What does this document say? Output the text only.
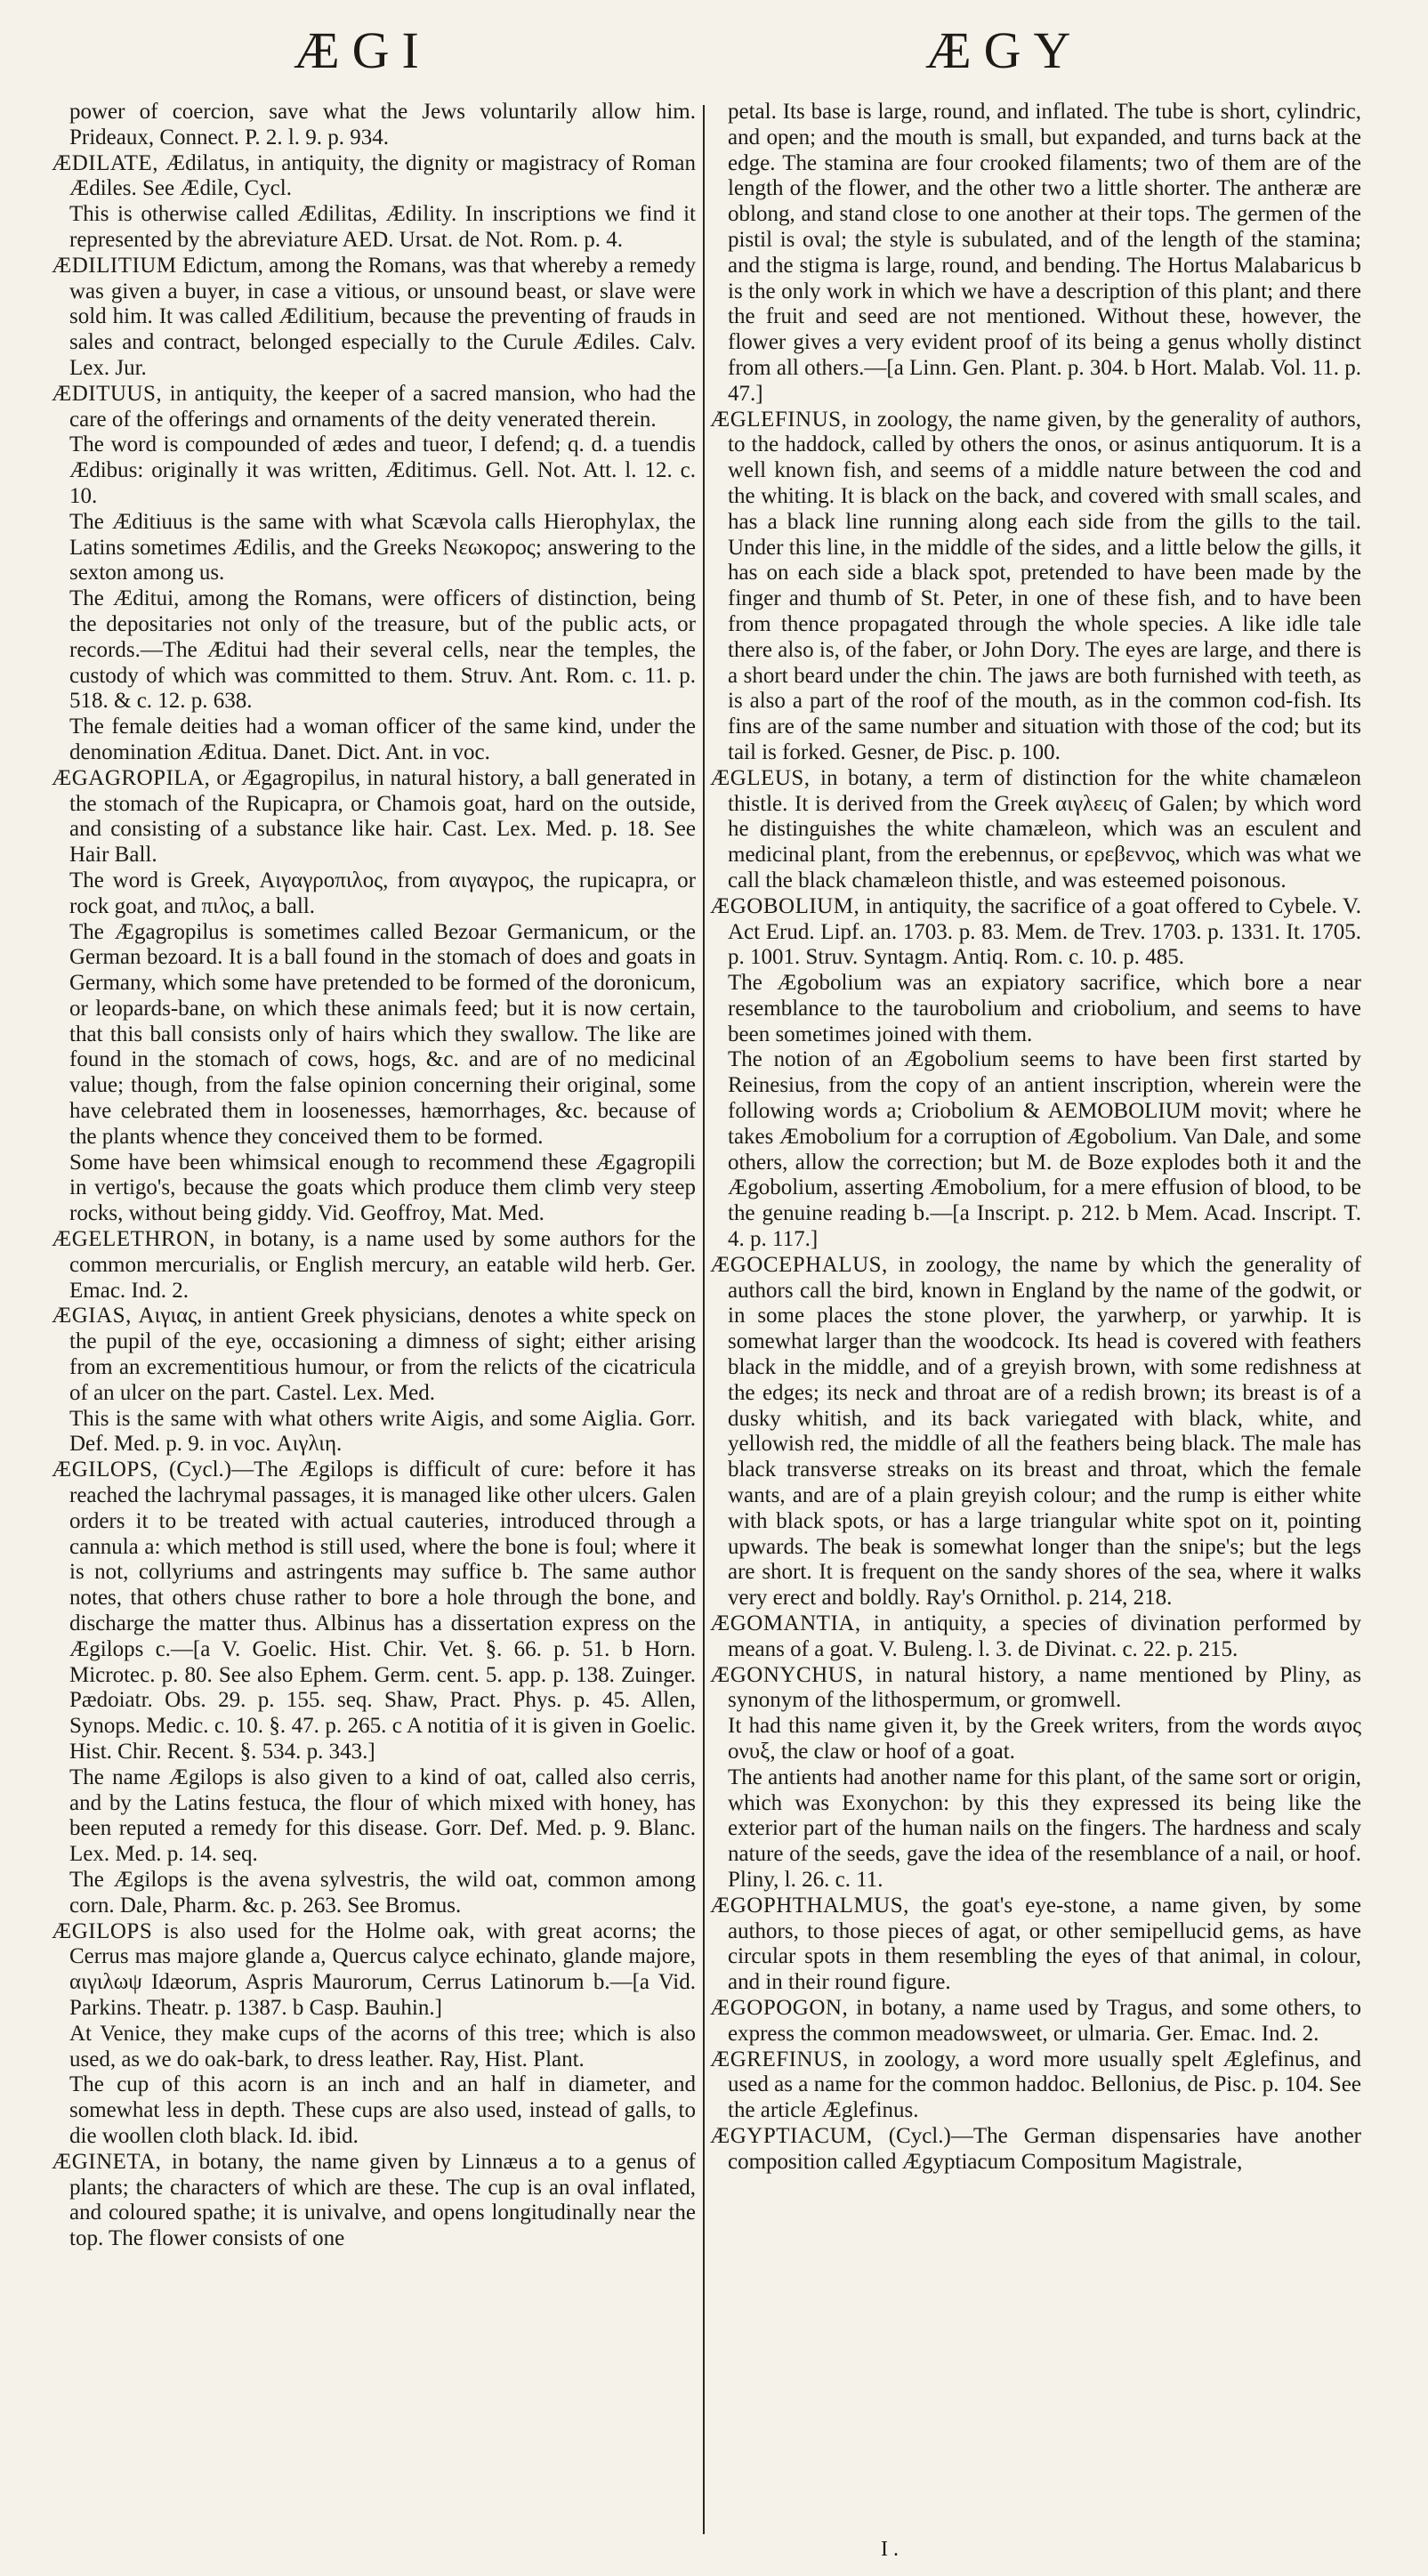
ÆGI	ÆGY

power of coercion, save what the Jews voluntarily allow him. Prideaux, Connect. P. 2. l. 9. p. 934.

ÆDILATE, Ædilatus, in antiquity, the dignity or magistracy of Roman Ædiles. See Ædile, Cycl.

This is otherwise called Ædilitas, Ædility. In inscriptions we find it represented by the abreviature AED. Ursat. de Not. Rom. p. 4.

ÆDILITIUM Edictum, among the Romans, was that whereby a remedy was given a buyer, in case a vitious, or unsound beast, or slave were sold him. It was called Ædilitium, because the preventing of frauds in sales and contract, belonged especially to the Curule Ædiles. Calv. Lex. Jur.

ÆDITUUS, in antiquity, the keeper of a sacred mansion, who had the care of the offerings and ornaments of the deity venerated therein.

The word is compounded of ædes and tueor, I defend; q. d. a tuendis Ædibus: originally it was written, Æditimus. Gell. Not. Att. l. 12. c. 10.

The Æditiuus is the same with what Scævola calls Hierophylax, the Latins sometimes Ædilis, and the Greeks Νεωκορος; answering to the sexton among us.

The Æditui, among the Romans, were officers of distinction, being the depositaries not only of the treasure, but of the public acts, or records.—The Æditui had their several cells, near the temples, the custody of which was committed to them. Struv. Ant. Rom. c. 11. p. 518. & c. 12. p. 638.

The female deities had a woman officer of the same kind, under the denomination Æditua. Danet. Dict. Ant. in voc.

ÆGAGROPILA, or Ægagropilus, in natural history, a ball generated in the stomach of the Rupicapra, or Chamois goat, hard on the outside, and consisting of a substance like hair. Cast. Lex. Med. p. 18. See Hair Ball.

The word is Greek, Αιγαγροπιλος, from αιγαγρος, the rupicapra, or rock goat, and πιλος, a ball.

The Ægagropilus is sometimes called Bezoar Germanicum, or the German bezoard. It is a ball found in the stomach of does and goats in Germany, which some have pretended to be formed of the doronicum, or leopards-bane, on which these animals feed; but it is now certain, that this ball consists only of hairs which they swallow. The like are found in the stomach of cows, hogs, &c. and are of no medicinal value; though, from the false opinion concerning their original, some have celebrated them in loosenesses, hæmorrhages, &c. because of the plants whence they conceived them to be formed.

Some have been whimsical enough to recommend these Ægagropili in vertigo's, because the goats which produce them climb very steep rocks, without being giddy. Vid. Geoffroy, Mat. Med.

ÆGELETHRON, in botany, is a name used by some authors for the common mercurialis, or English mercury, an eatable wild herb. Ger. Emac. Ind. 2.

ÆGIAS, Αιγιας, in antient Greek physicians, denotes a white speck on the pupil of the eye, occasioning a dimness of sight; either arising from an excrementitious humour, or from the relicts of the cicatricula of an ulcer on the part. Castel. Lex. Med.

This is the same with what others write Aigis, and some Aiglia. Gorr. Def. Med. p. 9. in voc. Αιγλιη.

ÆGILOPS, (Cycl.)—The Ægilops is difficult of cure: before it has reached the lachrymal passages, it is managed like other ulcers. Galen orders it to be treated with actual cauteries, introduced through a cannula a: which method is still used, where the bone is foul; where it is not, collyriums and astringents may suffice b. The same author notes, that others chuse rather to bore a hole through the bone, and discharge the matter thus. Albinus has a dissertation express on the Ægilops c.—[a V. Goelic. Hist. Chir. Vet. §. 66. p. 51. b Horn. Microtec. p. 80. See also Ephem. Germ. cent. 5. app. p. 138. Zuinger. Pædoiatr. Obs. 29. p. 155. seq. Shaw, Pract. Phys. p. 45. Allen, Synops. Medic. c. 10. §. 47. p. 265. c A notitia of it is given in Goelic. Hist. Chir. Recent. §. 534. p. 343.]

The name Ægilops is also given to a kind of oat, called also cerris, and by the Latins festuca, the flour of which mixed with honey, has been reputed a remedy for this disease. Gorr. Def. Med. p. 9. Blanc. Lex. Med. p. 14. seq.

The Ægilops is the avena sylvestris, the wild oat, common among corn. Dale, Pharm. &c. p. 263. See Bromus.

ÆGILOPS is also used for the Holme oak, with great acorns; the Cerrus mas majore glande a, Quercus calyce echinato, glande majore, αιγιλωψ Idæorum, Aspris Maurorum, Cerrus Latinorum b.—[a Vid. Parkins. Theatr. p. 1387. b Casp. Bauhin.]

At Venice, they make cups of the acorns of this tree; which is also used, as we do oak-bark, to dress leather. Ray, Hist. Plant.

The cup of this acorn is an inch and an half in diameter, and somewhat less in depth. These cups are also used, instead of galls, to die woollen cloth black. Id. ibid.

ÆGINETA, in botany, the name given by Linnæus a to a genus of plants; the characters of which are these. The cup is an oval inflated, and coloured spathe; it is univalve, and opens longitudinally near the top. The flower consists of one

petal. Its base is large, round, and inflated. The tube is short, cylindric, and open; and the mouth is small, but expanded, and turns back at the edge. The stamina are four crooked filaments; two of them are of the length of the flower, and the other two a little shorter. The antheræ are oblong, and stand close to one another at their tops. The germen of the pistil is oval; the style is subulated, and of the length of the stamina; and the stigma is large, round, and bending. The Hortus Malabaricus b is the only work in which we have a description of this plant; and there the fruit and seed are not mentioned. Without these, however, the flower gives a very evident proof of its being a genus wholly distinct from all others.—[a Linn. Gen. Plant. p. 304. b Hort. Malab. Vol. 11. p. 47.]

ÆGLEFINUS, in zoology, the name given, by the generality of authors, to the haddock, called by others the onos, or asinus antiquorum. It is a well known fish, and seems of a middle nature between the cod and the whiting. It is black on the back, and covered with small scales, and has a black line running along each side from the gills to the tail. Under this line, in the middle of the sides, and a little below the gills, it has on each side a black spot, pretended to have been made by the finger and thumb of St. Peter, in one of these fish, and to have been from thence propagated through the whole species. A like idle tale there also is, of the faber, or John Dory. The eyes are large, and there is a short beard under the chin. The jaws are both furnished with teeth, as is also a part of the roof of the mouth, as in the common cod-fish. Its fins are of the same number and situation with those of the cod; but its tail is forked. Gesner, de Pisc. p. 100.

ÆGLEUS, in botany, a term of distinction for the white chamæleon thistle. It is derived from the Greek αιγλεεις of Galen; by which word he distinguishes the white chamæleon, which was an esculent and medicinal plant, from the erebennus, or ερεβεννος, which was what we call the black chamæleon thistle, and was esteemed poisonous.

ÆGOBOLIUM, in antiquity, the sacrifice of a goat offered to Cybele. V. Act Erud. Lipf. an. 1703. p. 83. Mem. de Trev. 1703. p. 1331. It. 1705. p. 1001. Struv. Syntagm. Antiq. Rom. c. 10. p. 485.

The Ægobolium was an expiatory sacrifice, which bore a near resemblance to the taurobolium and criobolium, and seems to have been sometimes joined with them.

The notion of an Ægobolium seems to have been first started by Reinesius, from the copy of an antient inscription, wherein were the following words a; Criobolium & AEMOBOLIUM movit; where he takes Æmobolium for a corruption of Ægobolium. Van Dale, and some others, allow the correction; but M. de Boze explodes both it and the Ægobolium, asserting Æmobolium, for a mere effusion of blood, to be the genuine reading b.—[a Inscript. p. 212. b Mem. Acad. Inscript. T. 4. p. 117.]

ÆGOCEPHALUS, in zoology, the name by which the generality of authors call the bird, known in England by the name of the godwit, or in some places the stone plover, the yarwherp, or yarwhip. It is somewhat larger than the woodcock. Its head is covered with feathers black in the middle, and of a greyish brown, with some redishness at the edges; its neck and throat are of a redish brown; its breast is of a dusky whitish, and its back variegated with black, white, and yellowish red, the middle of all the feathers being black. The male has black transverse streaks on its breast and throat, which the female wants, and are of a plain greyish colour; and the rump is either white with black spots, or has a large triangular white spot on it, pointing upwards. The beak is somewhat longer than the snipe's; but the legs are short. It is frequent on the sandy shores of the sea, where it walks very erect and boldly. Ray's Ornithol. p. 214, 218.

ÆGOMANTIA, in antiquity, a species of divination performed by means of a goat. V. Buleng. l. 3. de Divinat. c. 22. p. 215.

ÆGONYCHUS, in natural history, a name mentioned by Pliny, as synonym of the lithospermum, or gromwell.

It had this name given it, by the Greek writers, from the words αιγος ονυξ, the claw or hoof of a goat.

The antients had another name for this plant, of the same sort or origin, which was Exonychon: by this they expressed its being like the exterior part of the human nails on the fingers. The hardness and scaly nature of the seeds, gave the idea of the resemblance of a nail, or hoof. Pliny, l. 26. c. 11.

ÆGOPHTHALMUS, the goat's eye-stone, a name given, by some authors, to those pieces of agat, or other semipellucid gems, as have circular spots in them resembling the eyes of that animal, in colour, and in their round figure.

ÆGOPOGON, in botany, a name used by Tragus, and some others, to express the common meadowsweet, or ulmaria. Ger. Emac. Ind. 2.

ÆGREFINUS, in zoology, a word more usually spelt Æglefinus, and used as a name for the common haddoc. Bellonius, de Pisc. p. 104. See the article Æglefinus.

ÆGYPTIACUM, (Cycl.)—The German dispensaries have another composition called Ægyptiacum Compositum Magistrale,

I .
